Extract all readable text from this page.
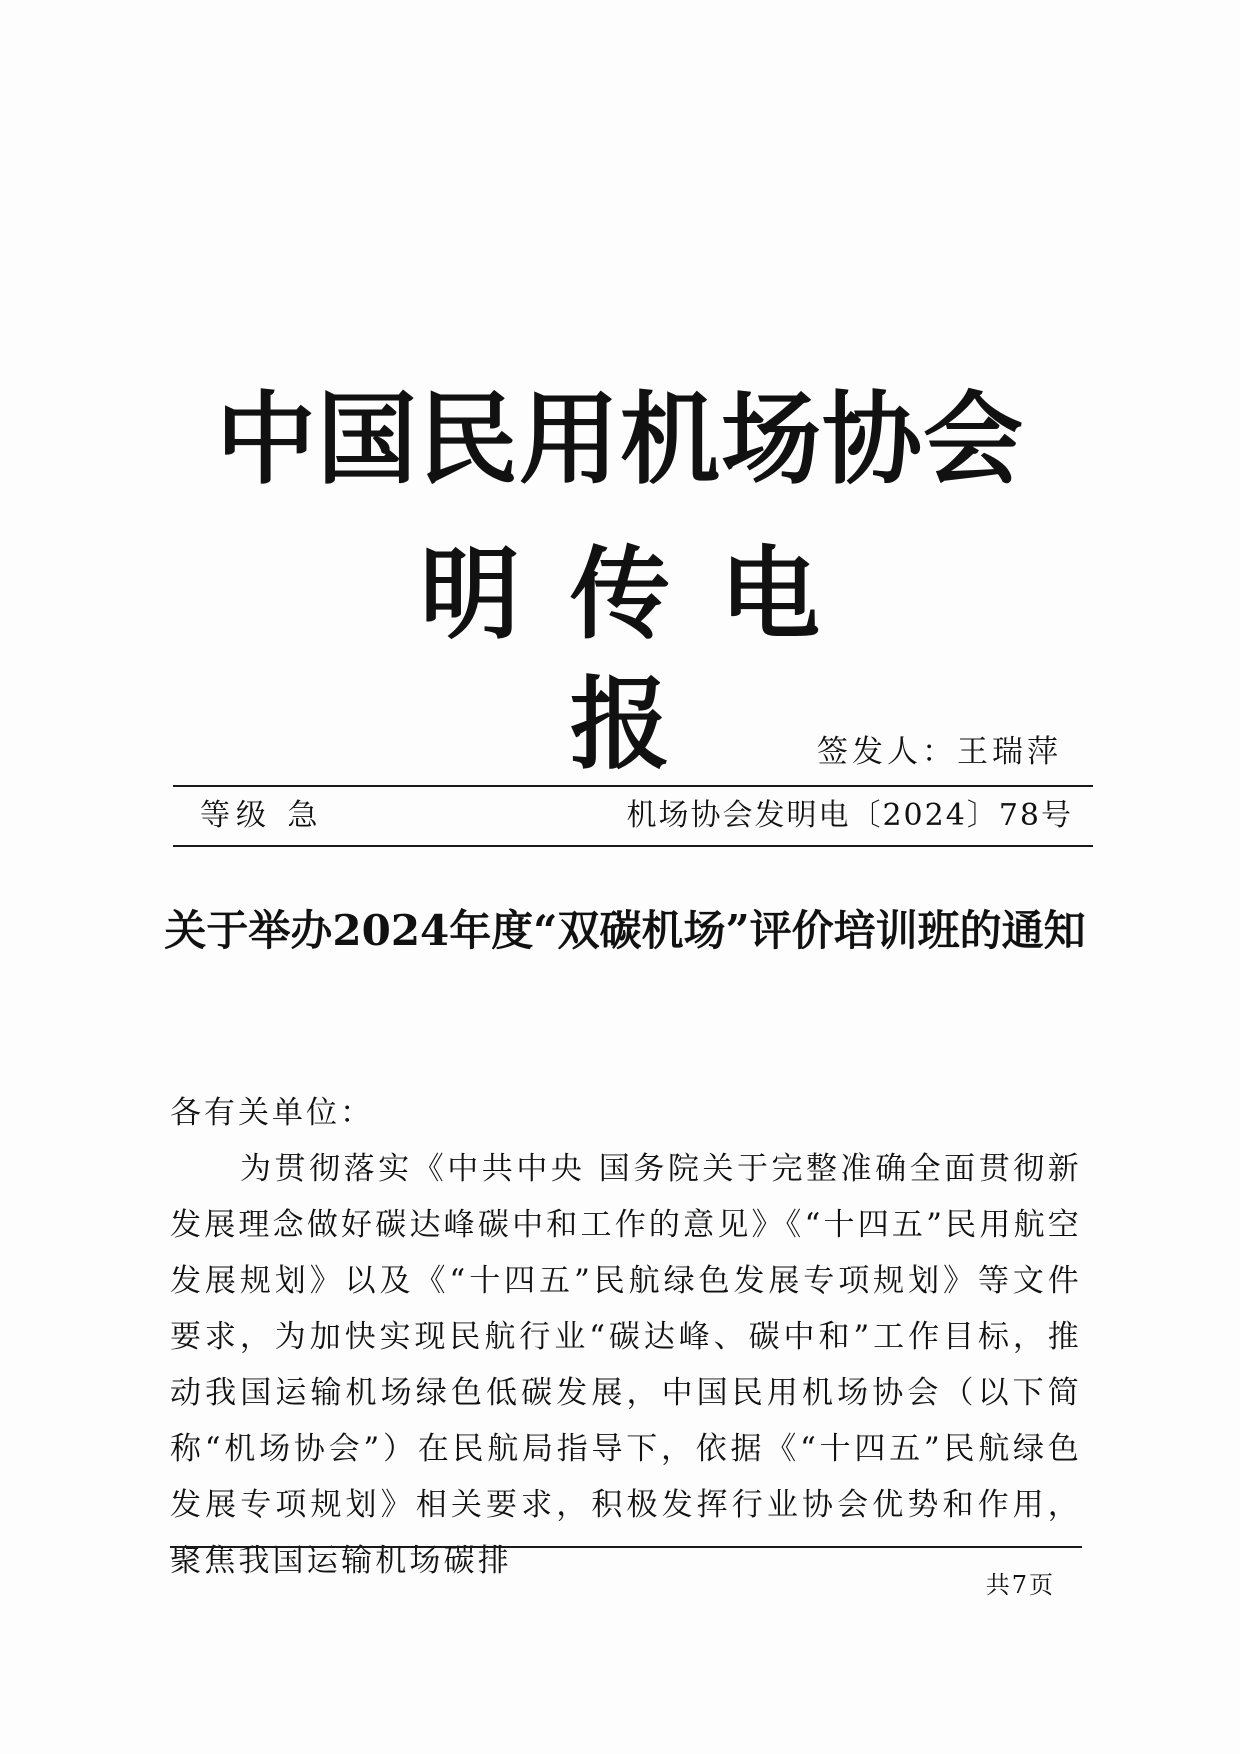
中国民用机场协会
明传电报	签发人：王瑞萍
等级 急	机场协会发明电〔2024〕78号
关于举办2024年度“双碳机场”评价培训班的通知
各有关单位：

为贯彻落实《中共中央 国务院关于完整准确全面贯彻新发展理念做好碳达峰碳中和工作的意见》《“十四五”民用航空发展规划》以及《“十四五”民航绿色发展专项规划》等文件要求，为加快实现民航行业“碳达峰、碳中和”工作目标，推动我国运输机场绿色低碳发展，中国民用机场协会（以下简称“机场协会”）在民航局指导下，依据《“十四五”民航绿色发展专项规划》相关要求，积极发挥行业协会优势和作用，聚焦我国运输机场碳排

共7页
